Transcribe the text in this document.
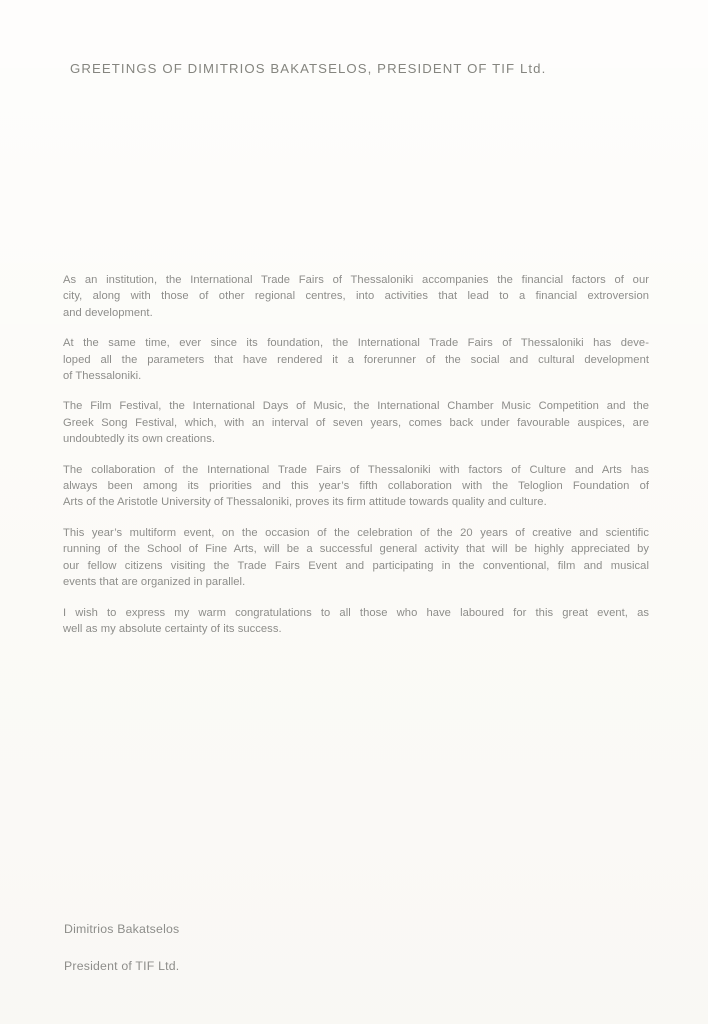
GREETINGS OF DIMITRIOS BAKATSELOS, PRESIDENT OF TIF Ltd.

As an institution, the International Trade Fairs of Thessaloniki accompanies the financial factors of our
city, along with those of other regional centres, into activities that lead to a financial extroversion
and development.

At the same time, ever since its foundation, the International Trade Fairs of Thessaloniki has deve-
loped all the parameters that have rendered it a forerunner of the social and cultural development
of Thessaloniki.

The Film Festival, the International Days of Music, the International Chamber Music Competition and the
Greek Song Festival, which, with an interval of seven years, comes back under favourable auspices, are
undoubtedly its own creations.

The collaboration of the International Trade Fairs of Thessaloniki with factors of Culture and Arts has
always been among its priorities and this year’s fifth collaboration with the Teloglion Foundation of
Arts of the Aristotle University of Thessaloniki, proves its firm attitude towards quality and culture.

This year’s multiform event, on the occasion of the celebration of the 20 years of creative and scientific
running of the School of Fine Arts, will be a successful general activity that will be highly appreciated by
our fellow citizens visiting the Trade Fairs Event and participating in the conventional, film and musical
events that are organized in parallel.

I wish to express my warm congratulations to all those who have laboured for this great event, as
well as my absolute certainty of its success.

Dimitrios Bakatselos

President of TIF Ltd.
